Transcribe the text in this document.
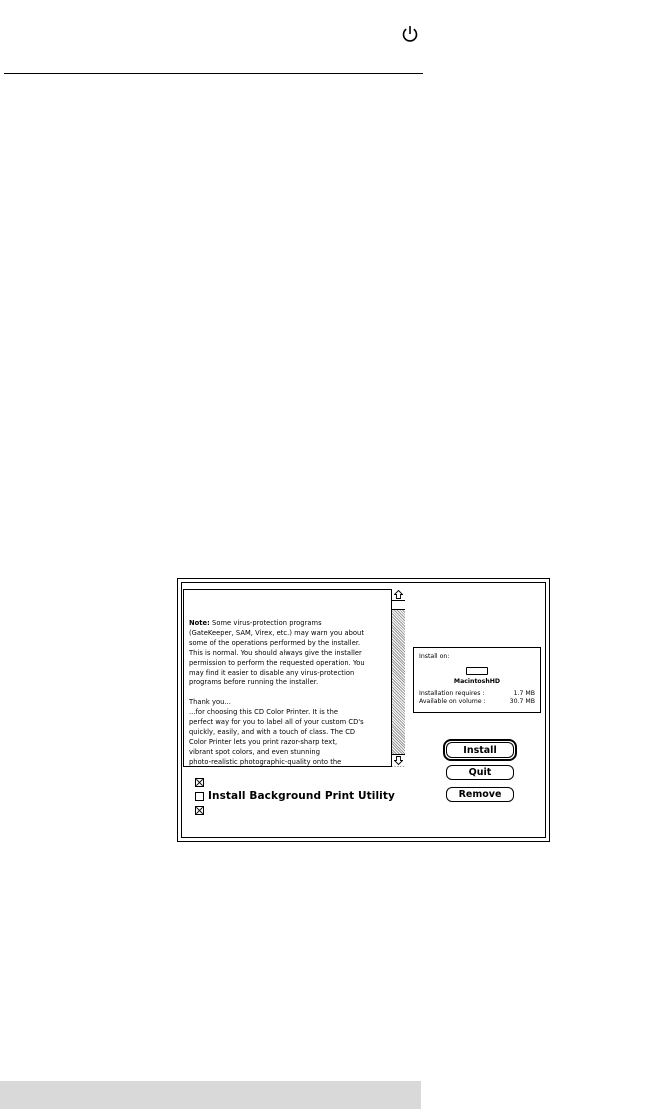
Note: Some virus-protection programs
(GateKeeper, SAM, Virex, etc.) may warn you about
some of the operations performed by the installer.
This is normal. You should always give the installer
permission to perform the requested operation. You
may find it easier to disable any virus-protection
programs before running the installer.

Thank you...
...for choosing this CD Color Printer. It is the
perfect way for you to label all of your custom CD's
quickly, easily, and with a touch of class. The CD
Color Printer lets you print razor-sharp text,
vibrant spot colors, and even stunning
photo-realistic photographic-quality onto the
Install Background Print Utility
Install on:
MacintoshHD
Installation requires :	1.7 MB
Available on volume :	30.7 MB
Install
Quit
Remove
